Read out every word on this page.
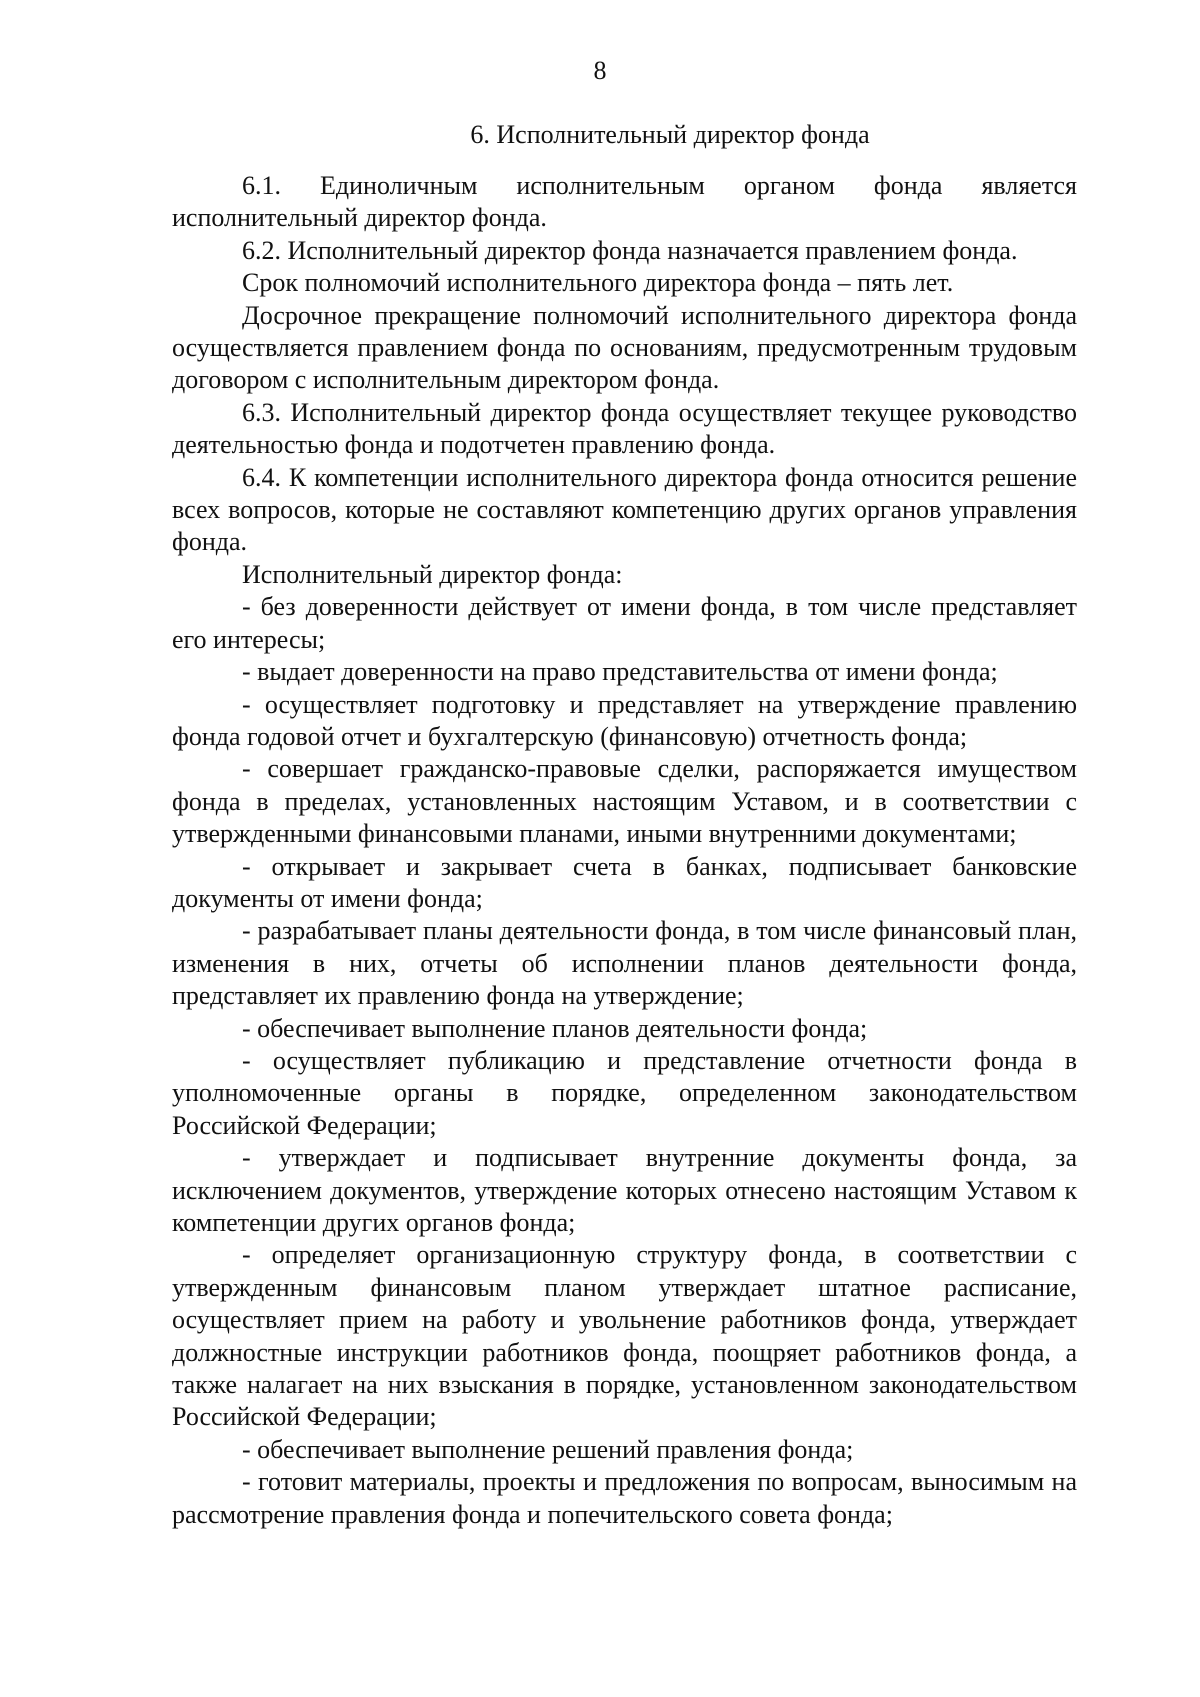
8
6. Исполнительный директор фонда

6.1. Единоличным исполнительным органом фонда является исполнительный директор фонда.

6.2. Исполнительный директор фонда назначается правлением фонда.

Срок полномочий исполнительного директора фонда – пять лет.

Досрочное прекращение полномочий исполнительного директора фонда осуществляется правлением фонда по основаниям, предусмотренным трудовым договором с исполнительным директором фонда.

6.3. Исполнительный директор фонда осуществляет текущее руководство деятельностью фонда и подотчетен правлению фонда.

6.4. К компетенции исполнительного директора фонда относится решение всех вопросов, которые не составляют компетенцию других органов управления фонда.

Исполнительный директор фонда:

- без доверенности действует от имени фонда, в том числе представляет его интересы;

- выдает доверенности на право представительства от имени фонда;

- осуществляет подготовку и представляет на утверждение правлению фонда годовой отчет и бухгалтерскую (финансовую) отчетность фонда;

- совершает гражданско-правовые сделки, распоряжается имуществом фонда в пределах, установленных настоящим Уставом, и в соответствии с утвержденными финансовыми планами, иными внутренними документами;

- открывает и закрывает счета в банках, подписывает банковские документы от имени фонда;

- разрабатывает планы деятельности фонда, в том числе финансовый план, изменения в них, отчеты об исполнении планов деятельности фонда, представляет их правлению фонда на утверждение;

- обеспечивает выполнение планов деятельности фонда;

- осуществляет публикацию и представление отчетности фонда в уполномоченные органы в порядке, определенном законодательством Российской Федерации;

- утверждает и подписывает внутренние документы фонда, за исключением документов, утверждение которых отнесено настоящим Уставом к компетенции других органов фонда;

- определяет организационную структуру фонда, в соответствии с утвержденным финансовым планом утверждает штатное расписание, осуществляет прием на работу и увольнение работников фонда, утверждает должностные инструкции работников фонда, поощряет работников фонда, а также налагает на них взыскания в порядке, установленном законодательством Российской Федерации;

- обеспечивает выполнение решений правления фонда;

- готовит материалы, проекты и предложения по вопросам, выносимым на рассмотрение правления фонда и попечительского совета фонда;
